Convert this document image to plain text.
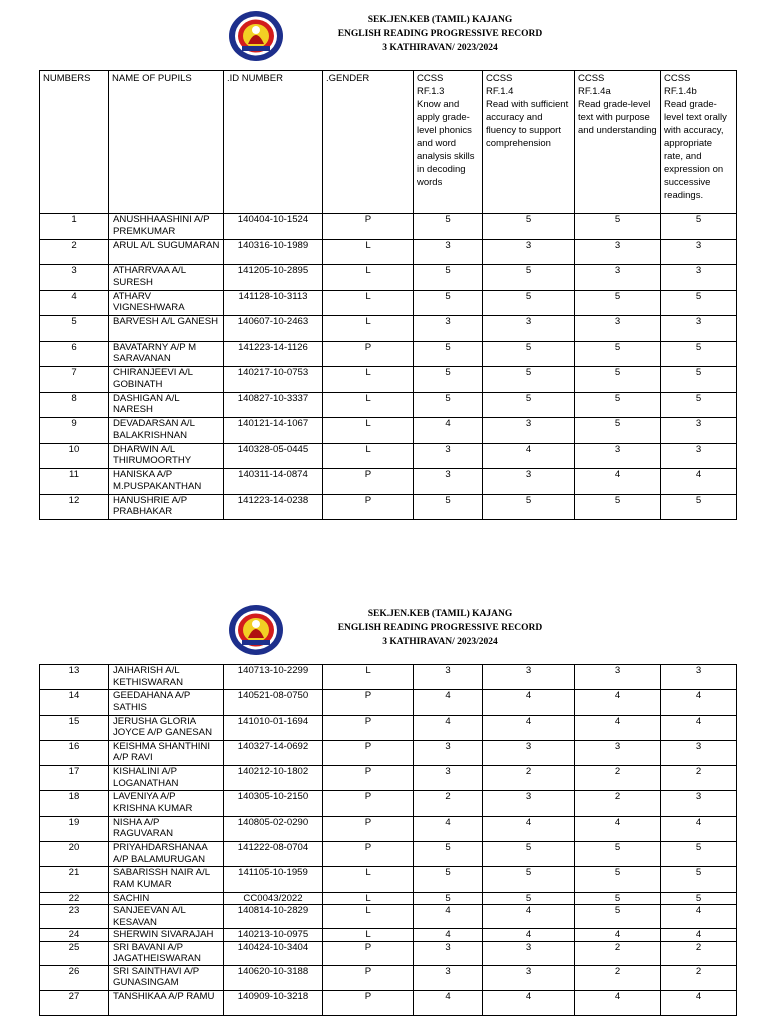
SEK.JEN.KEB (TAMIL) KAJANG
ENGLISH READING PROGRESSIVE RECORD
3 KATHIRAVAN/ 2023/2024
NUMBERS	NAME OF PUPILS	.ID NUMBER	.GENDER	CCSS
RF.1.3
Know and apply grade-level phonics and word analysis skills in decoding words	CCSS
RF.1.4
Read with sufficient accuracy and fluency to support comprehension	CCSS
RF.1.4a
Read grade-level text with purpose and understanding	CCSS
RF.1.4b
Read grade-level text orally with accuracy, appropriate rate, and expression on successive readings.
1	ANUSHHAASHINI A/P PREMKUMAR	140404-10-1524	P	5	5	5	5
2	ARUL A/L SUGUMARAN	140316-10-1989	L	3	3	3	3
3	ATHARRVAA A/L SURESH	141205-10-2895	L	5	5	3	3
4	ATHARV VIGNESHWARA	141128-10-3113	L	5	5	5	5
5	BARVESH A/L GANESH	140607-10-2463	L	3	3	3	3
6	BAVATARNY A/P M SARAVANAN	141223-14-1126	P	5	5	5	5
7	CHIRANJEEVI A/L GOBINATH	140217-10-0753	L	5	5	5	5
8	DASHIGAN A/L NARESH	140827-10-3337	L	5	5	5	5
9	DEVADARSAN A/L BALAKRISHNAN	140121-14-1067	L	4	3	5	3
10	DHARWIN A/L THIRUMOORTHY	140328-05-0445	L	3	4	3	3
11	HANISKA A/P M.PUSPAKANTHAN	140311-14-0874	P	3	3	4	4
12	HANUSHRIE A/P PRABHAKAR	141223-14-0238	P	5	5	5	5
SEK.JEN.KEB (TAMIL) KAJANG
ENGLISH READING PROGRESSIVE RECORD
3 KATHIRAVAN/ 2023/2024
13	JAIHARISH A/L KETHISWARAN	140713-10-2299	L	3	3	3	3
14	GEEDAHANA A/P SATHIS	140521-08-0750	P	4	4	4	4
15	JERUSHA GLORIA JOYCE A/P GANESAN	141010-01-1694	P	4	4	4	4
16	KEISHMA SHANTHINI A/P RAVI	140327-14-0692	P	3	3	3	3
17	KISHALINI A/P LOGANATHAN	140212-10-1802	P	3	2	2	2
18	LAVENIYA A/P KRISHNA KUMAR	140305-10-2150	P	2	3	2	3
19	NISHA A/P RAGUVARAN	140805-02-0290	P	4	4	4	4
20	PRIYAHDARSHANAA A/P BALAMURUGAN	141222-08-0704	P	5	5	5	5
21	SABARISSH NAIR A/L RAM KUMAR	141105-10-1959	L	5	5	5	5
22	SACHIN	CC0043/2022	L	5	5	5	5
23	SANJEEVAN A/L KESAVAN	140814-10-2829	L	4	4	5	4
24	SHERWIN SIVARAJAH	140213-10-0975	L	4	4	4	4
25	SRI BAVANI A/P JAGATHEISWARAN	140424-10-3404	P	3	3	2	2
26	SRI SAINTHAVI A/P GUNASINGAM	140620-10-3188	P	3	3	2	2
27	TANSHIKAA A/P RAMU	140909-10-3218	P	4	4	4	4
